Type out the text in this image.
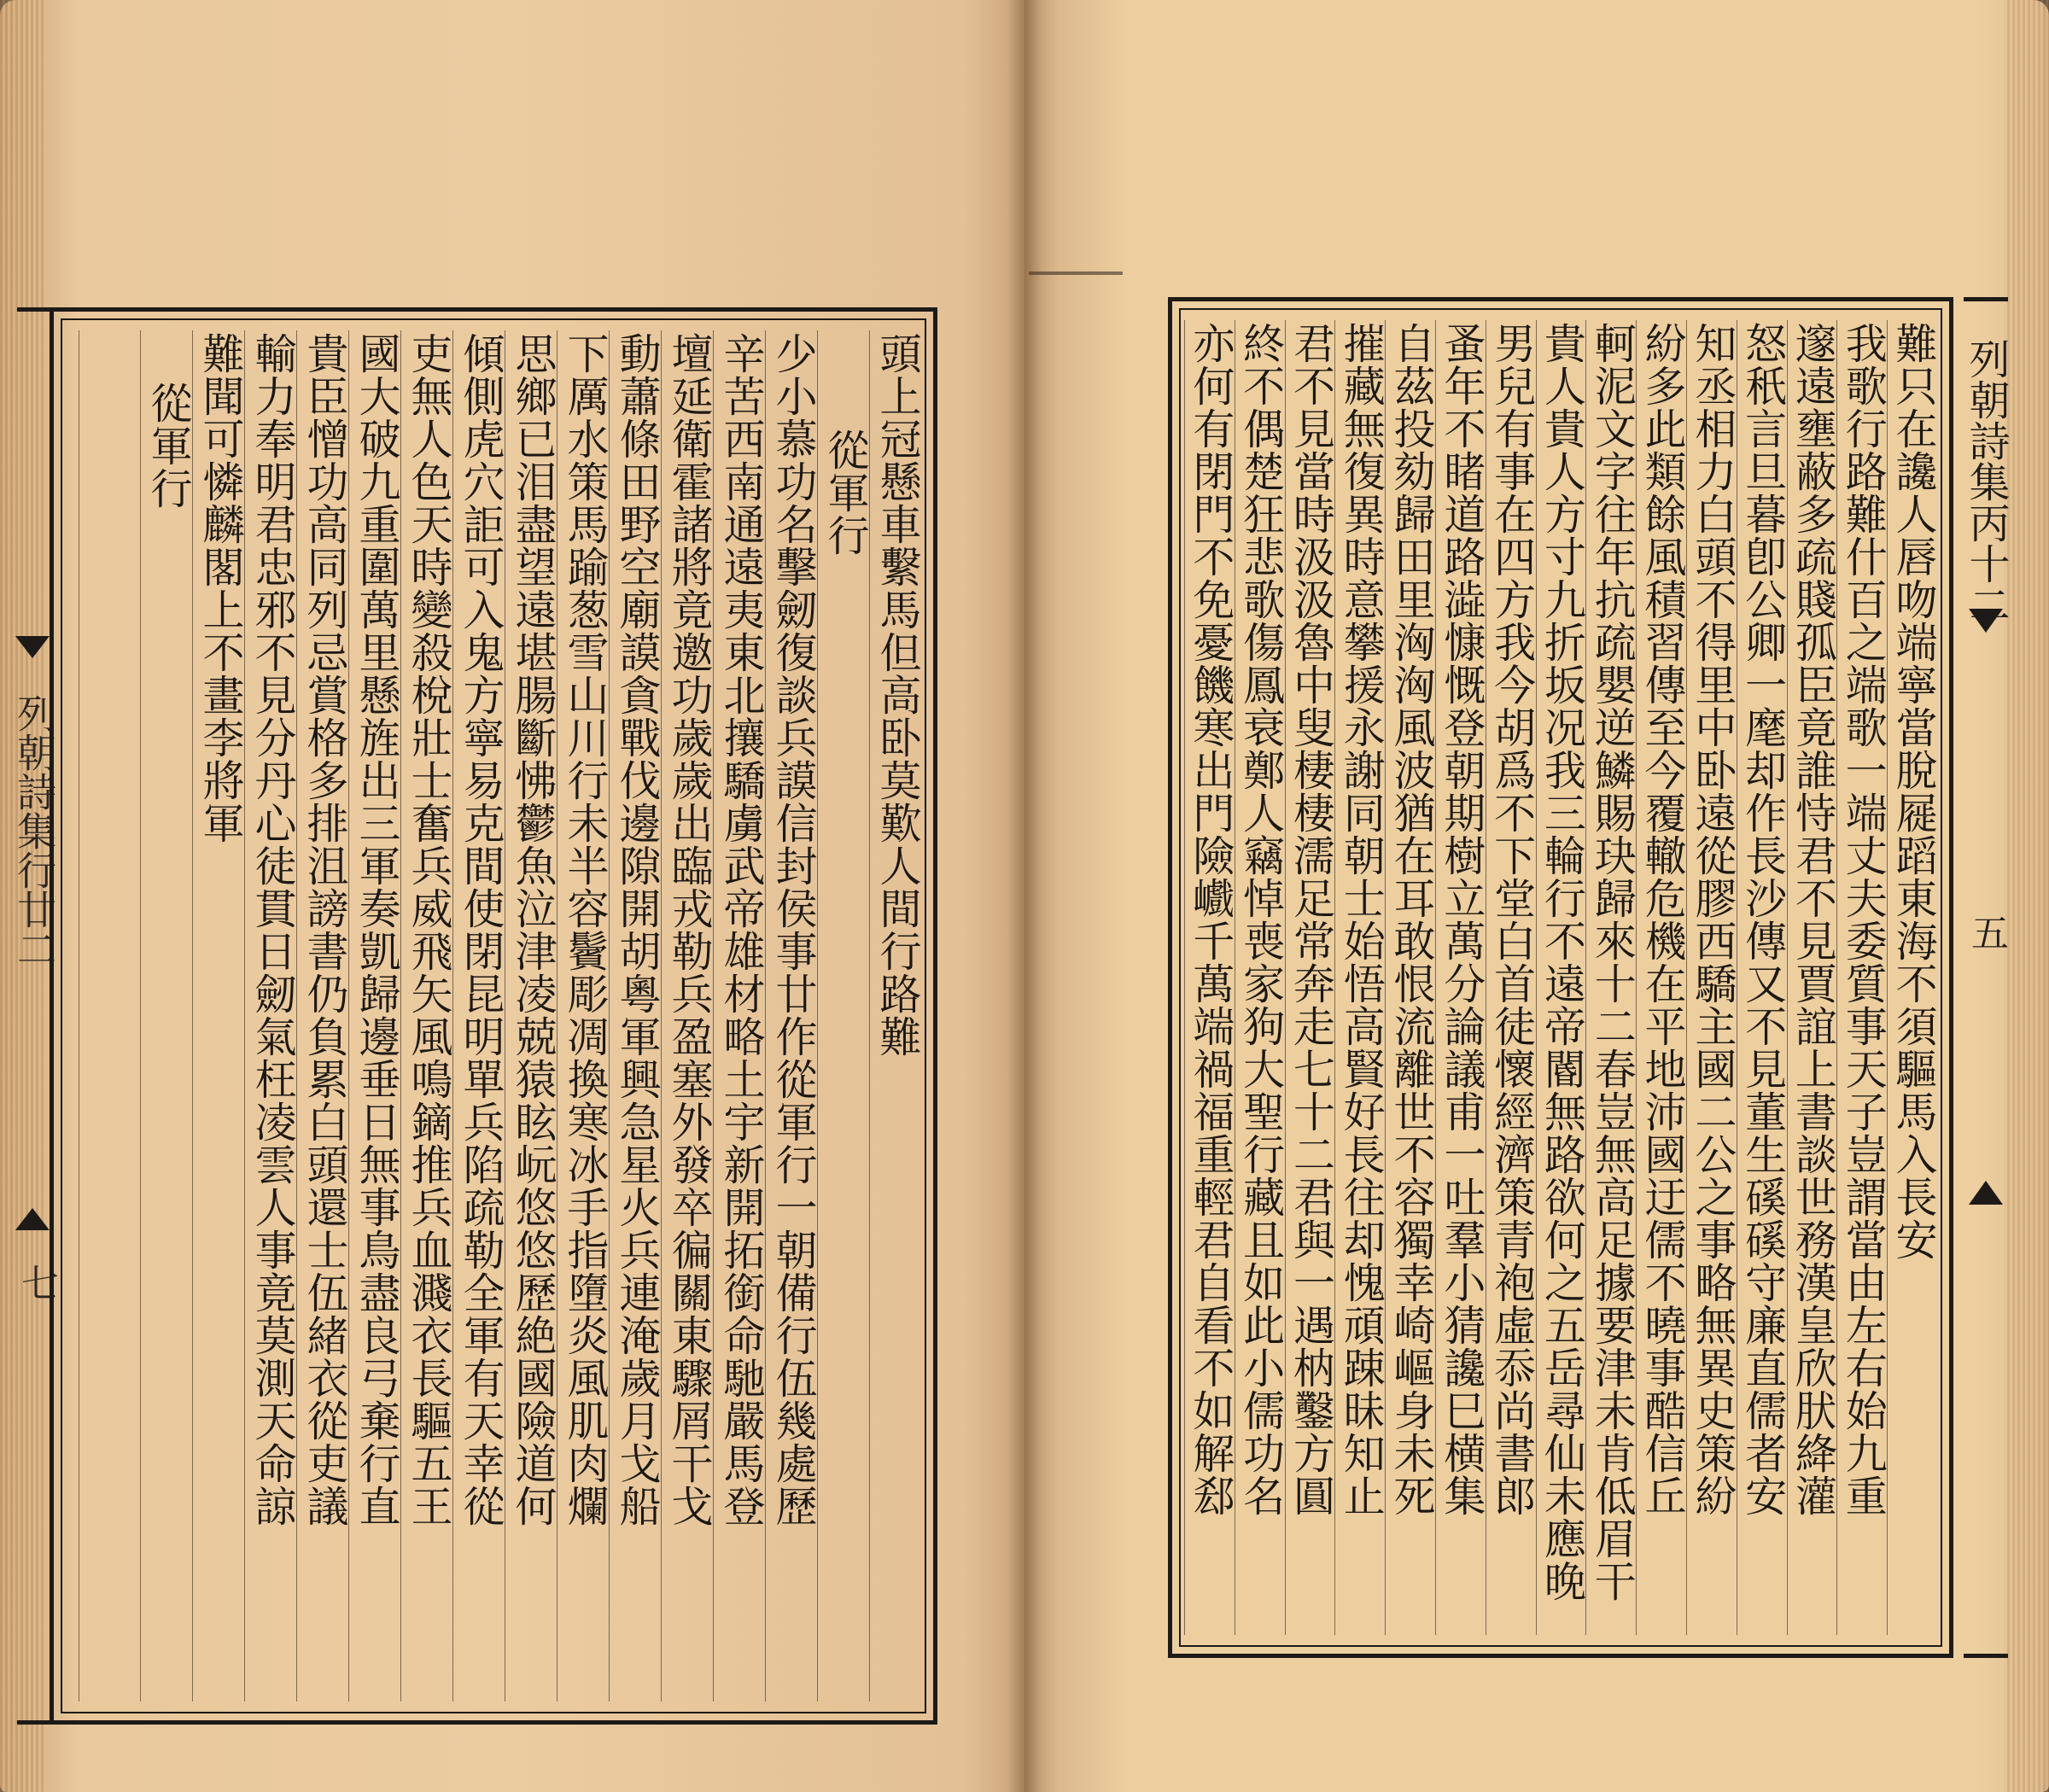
列朝詩集行廿二
七
頭上冠懸車繫馬但高卧莫歎人間行路難
從軍行
少小慕功名擊劒復談兵謨信封侯事廿作從軍行一朝備行伍幾處歷
辛苦西南通遠夷東北攘驕虜武帝雄材略土宇新開拓銜命馳嚴馬登
壇延衛霍諸將竟邀功歲歲出臨戎勒兵盈塞外發卒徧關東驟屑干戈
動蕭條田野空廟謨貪戰伐邊隙開胡粵軍興急星火兵連淹歲月戈船
下厲水策馬踰葱雪山川行未半容鬢彫凋換寒冰手指墮炎風肌肉爛
思鄉已泪盡望遠堪腸斷怫鬱魚泣津凌兢猿眩岏悠悠歷絶國險道何
傾側虎穴詎可入鬼方寧易克間使閉昆明單兵陷疏勒全軍有天幸從
吏無人色天時變殺梲壯士奮兵威飛矢風鳴鏑推兵血濺衣長驅五王
國大破九重圍萬里懸旌出三軍奏凱歸邊垂日無事鳥盡良弓棄行直
貴臣憎功高同列忌賞格多排沮謗書仍負累白頭還士伍緒衣從吏議
輸力奉明君忠邪不見分丹心徒貫日劒氣枉凌雲人事竟莫測天命諒
難聞可憐麟閣上不畫李將軍
從軍行	難只在讒人唇吻端寧當脫屣蹈東海不須驅馬入長安
我歌行路難什百之端歌一端丈夫委質事天子豈謂當由左右始九重
邃遠壅蔽多疏賤孤臣竟誰恃君不見賈誼上書談世務漢皇欣肰絳灌
怒秖言旦暮卽公卿一麾却作長沙傳又不見董生磎磎守廉直儒者安
知丞相力白頭不得里中卧遠從膠西驕主國二公之事略無異史策紛
紛多此類餘風積習傳至今覆轍危機在平地沛國迂儒不曉事酷信丘
軻泥文字往年抗疏嬰逆鱗賜玦歸來十二春豈無高足據要津未肯低眉干
貴人貴人方寸九折坂况我三輪行不遠帝閽無路欲何之五岳尋仙未應晚
男兒有事在四方我今胡爲不下堂白首徒懷經濟策青袍虛忝尚書郎
蚤年不睹道路澁慷慨登朝期樹立萬分論議甫一吐羣小猜讒巳横集
自茲投劾歸田里洶洶風波猶在耳敢恨流離世不容獨幸崎嶇身未死
摧藏無復異時意攀援永謝同朝士始悟高賢好長往却愧頑踈昧知止
君不見當時汲汲魯中叟棲棲濡足常奔走七十二君與一遇枘鑿方圓
終不偶楚狂悲歌傷鳳衰鄭人竊悼喪家狗大聖行藏且如此小儒功名
亦何有閉門不免憂饑寒出門險巇千萬端禍福重輕君自看不如解郄	列朝詩集丙十二
五
